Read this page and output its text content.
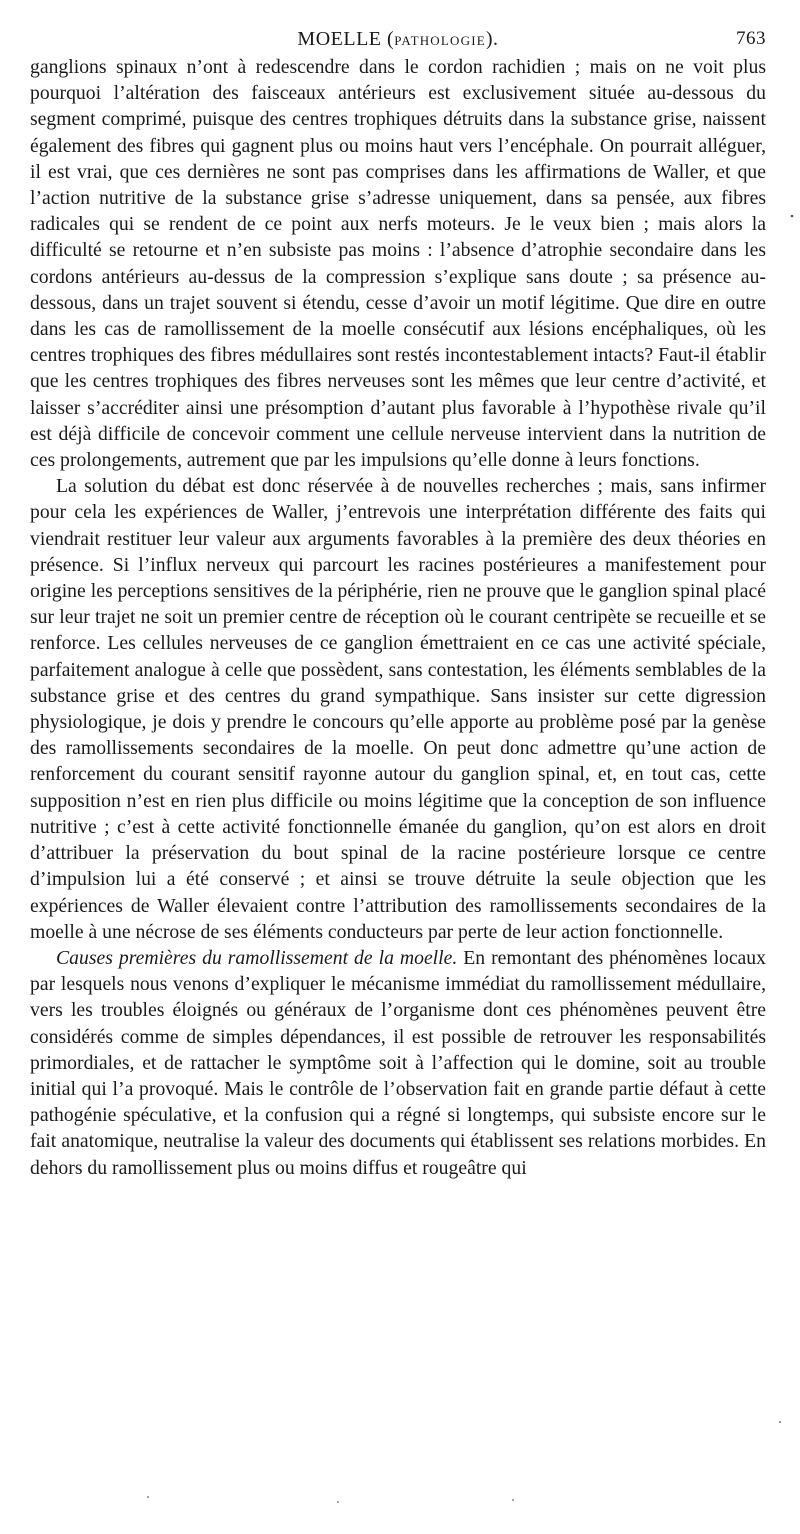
MOELLE (PATHOLOGIE).	763

ganglions spinaux n’ont à redescendre dans le cordon rachidien ; mais on ne voit plus pourquoi l’altération des faisceaux antérieurs est exclusivement située au-dessous du segment comprimé, puisque des centres trophiques détruits dans la substance grise, naissent également des fibres qui gagnent plus ou moins haut vers l’encéphale. On pourrait alléguer, il est vrai, que ces dernières ne sont pas comprises dans les affirmations de Waller, et que l’action nutritive de la substance grise s’adresse uniquement, dans sa pensée, aux fibres radicales qui se rendent de ce point aux nerfs moteurs. Je le veux bien ; mais alors la difficulté se retourne et n’en subsiste pas moins : l’absence d’atrophie secondaire dans les cordons antérieurs au-dessus de la compression s’explique sans doute ; sa présence au-dessous, dans un trajet souvent si étendu, cesse d’avoir un motif légitime. Que dire en outre dans les cas de ramollissement de la moelle consécutif aux lésions encéphaliques, où les centres trophiques des fibres médullaires sont restés incontestablement intacts? Faut-il établir que les centres trophiques des fibres nerveuses sont les mêmes que leur centre d’activité, et laisser s’accréditer ainsi une présomption d’autant plus favorable à l’hypothèse rivale qu’il est déjà difficile de concevoir comment une cellule nerveuse intervient dans la nutrition de ces prolongements, autrement que par les impulsions qu’elle donne à leurs fonctions.

La solution du débat est donc réservée à de nouvelles recherches ; mais, sans infirmer pour cela les expériences de Waller, j’entrevois une interprétation différente des faits qui viendrait restituer leur valeur aux arguments favorables à la première des deux théories en présence. Si l’influx nerveux qui parcourt les racines postérieures a manifestement pour origine les perceptions sensitives de la périphérie, rien ne prouve que le ganglion spinal placé sur leur trajet ne soit un premier centre de réception où le courant centripète se recueille et se renforce. Les cellules nerveuses de ce ganglion émettraient en ce cas une activité spéciale, parfaitement analogue à celle que possèdent, sans contestation, les éléments semblables de la substance grise et des centres du grand sympathique. Sans insister sur cette digression physiologique, je dois y prendre le concours qu’elle apporte au problème posé par la genèse des ramollissements secondaires de la moelle. On peut donc admettre qu’une action de renforcement du courant sensitif rayonne autour du ganglion spinal, et, en tout cas, cette supposition n’est en rien plus difficile ou moins légitime que la conception de son influence nutritive ; c’est à cette activité fonctionnelle émanée du ganglion, qu’on est alors en droit d’attribuer la préservation du bout spinal de la racine postérieure lorsque ce centre d’impulsion lui a été conservé ; et ainsi se trouve détruite la seule objection que les expériences de Waller élevaient contre l’attribution des ramollissements secondaires de la moelle à une nécrose de ses éléments conducteurs par perte de leur action fonctionnelle.

Causes premières du ramollissement de la moelle. En remontant des phénomènes locaux par lesquels nous venons d’expliquer le mécanisme immédiat du ramollissement médullaire, vers les troubles éloignés ou généraux de l’organisme dont ces phénomènes peuvent être considérés comme de simples dépendances, il est possible de retrouver les responsabilités primordiales, et de rattacher le symptôme soit à l’affection qui le domine, soit au trouble initial qui l’a provoqué. Mais le contrôle de l’observation fait en grande partie défaut à cette pathogénie spéculative, et la confusion qui a régné si longtemps, qui subsiste encore sur le fait anatomique, neutralise la valeur des documents qui établissent ses relations morbides. En dehors du ramollissement plus ou moins diffus et rougeâtre qui
